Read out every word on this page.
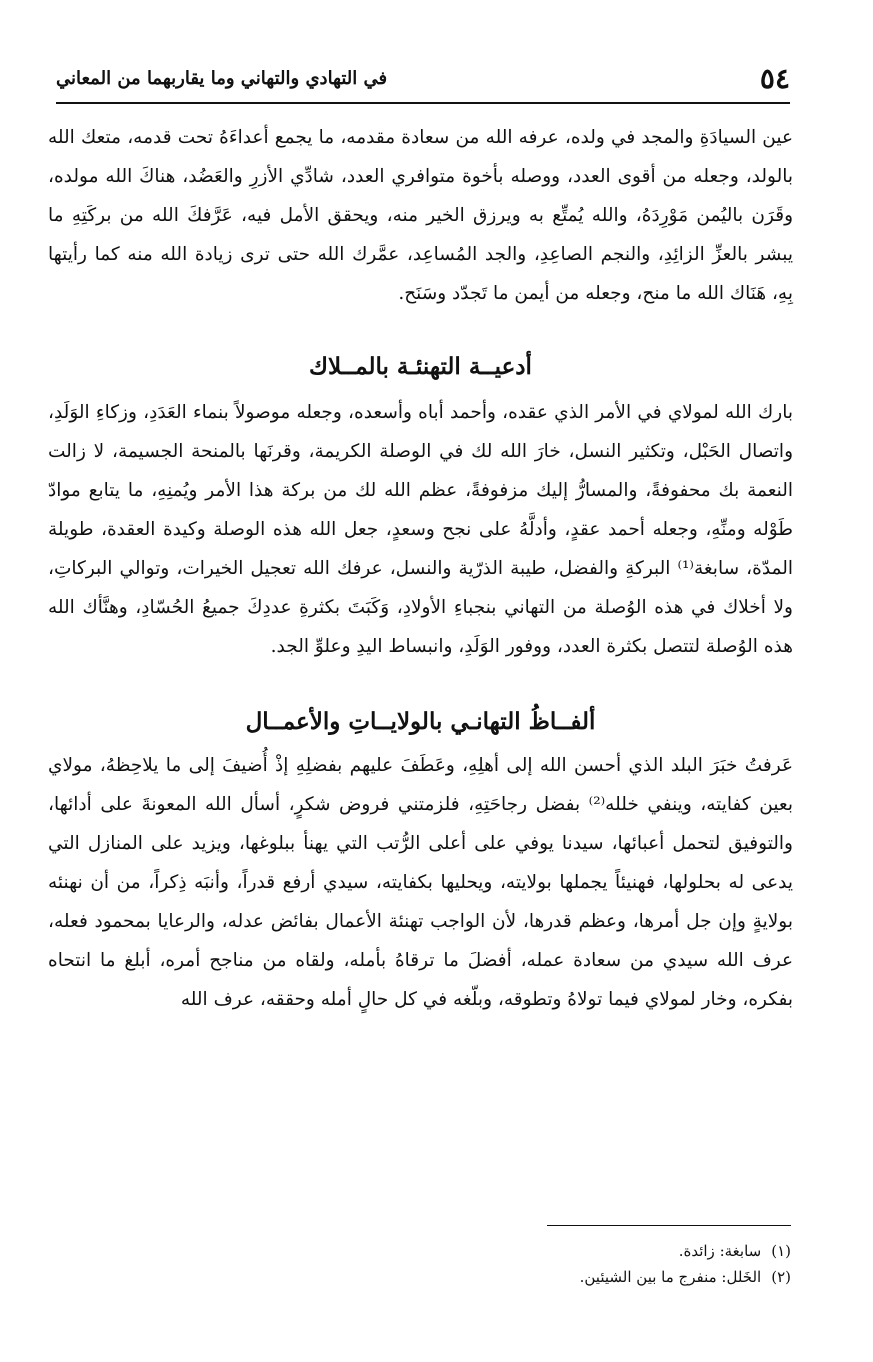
٥٤
في التهادي والتهاني وما يقاربهما من المعاني

عين السيادَةِ والمجد في ولده، عرفه الله من سعادة مقدمه، ما يجمع أعداءَهُ تحت قدمه، متعك الله بالولد، وجعله من أقوى العدد، ووصله بأخوة متوافري العدد، شادِّي الأزرِ والعَضُد، هناكَ الله مولده، وقَرَن باليُمن مَوْرِدَهُ، والله يُمتِّع به ويرزق الخير منه، ويحقق الأمل فيه، عَرَّفكَ الله من بركَتِهِ ما يبشر بالعزِّ الزائِدِ، والنجم الصاعِدِ، والجد المُساعِد، عمَّرك الله حتى ترى زيادة الله منه كما رأيتها بِهِ، هَنَاك الله ما منح، وجعله من أيمن ما تَجدّد وسَنَح.

أدعيــة التهنئـة بالمــلاك

بارك الله لمولاي في الأمر الذي عقده، وأحمد أباه وأسعده، وجعله موصولاً بنماء العَدَدِ، وزكاءِ الوَلَدِ، واتصال الحَبْل، وتكثير النسل، خارَ الله لك في الوصلة الكريمة، وقرنَها بالمنحة الجسيمة، لا زالت النعمة بك محفوفةً، والمسارُّ إليك مزفوفةً، عظم الله لك من بركة هذا الأمر ويُمنِهِ، ما يتابع موادّ طَوْله ومنِّهِ، وجعله أحمد عقدٍ، وأدلَّهُ على نجح وسعدٍ، جعل الله هذه الوصلة وكيدة العقدة، طويلة المدّة، سابغة⁽¹⁾ البركةِ والفضل، طيبة الذرّية والنسل، عرفك الله تعجيل الخيرات، وتوالي البركاتِ، ولا أخلاك في هذه الوُصلة من التهاني بنجباءِ الأولادِ، وَكَبَتَ بكثرةِ عددِكَ جميعُ الحُسّادِ، وهنَّأك الله هذه الوُصلة لتتصل بكثرة العدد، ووفور الوَلَدِ، وانبساط اليدِ وعلوِّ الجد.

ألفــاظُ التهانـي بالولايــاتِ والأعمــال

عَرفتُ خبَرَ البلد الذي أحسن الله إلى أهلِهِ، وعَطَفَ عليهم بفضلِهِ إذْ أُضيفَ إلى ما يلاحِظهُ، مولاي بعين كفايته، وينفي خلله⁽²⁾ بفضل رجاحَتِهِ، فلزمتني فروض شكرٍ، أسأل الله المعونةَ على أدائها، والتوفيق لتحمل أعبائها، سيدنا يوفي على أعلى الرُّتب التي يهنأ ببلوغها، ويزيد على المنازل التي يدعى له بحلولها، فهنيئاً يجملها بولايته، ويحليها بكفايته، سيدي أرفع قدراً، وأنبَه ذِكراً، من أن نهنئه بولايةٍ وإن جل أمرها، وعظم قدرها، لأن الواجب تهنئة الأعمال بفائض عدله، والرعايا بمحمود فعله، عرف الله سيدي من سعادة عمله، أفضلَ ما ترقاهُ بأمله، ولقاه من مناجح أمره، أبلغ ما انتحاه بفكره، وخار لمولاي فيما تولاهُ وتطوقه، وبلّغه في كل حالٍ أمله وحققه، عرف الله

(١)سابغة: زائدة.

(٢)الخَلل: منفرج ما بين الشيئين.
